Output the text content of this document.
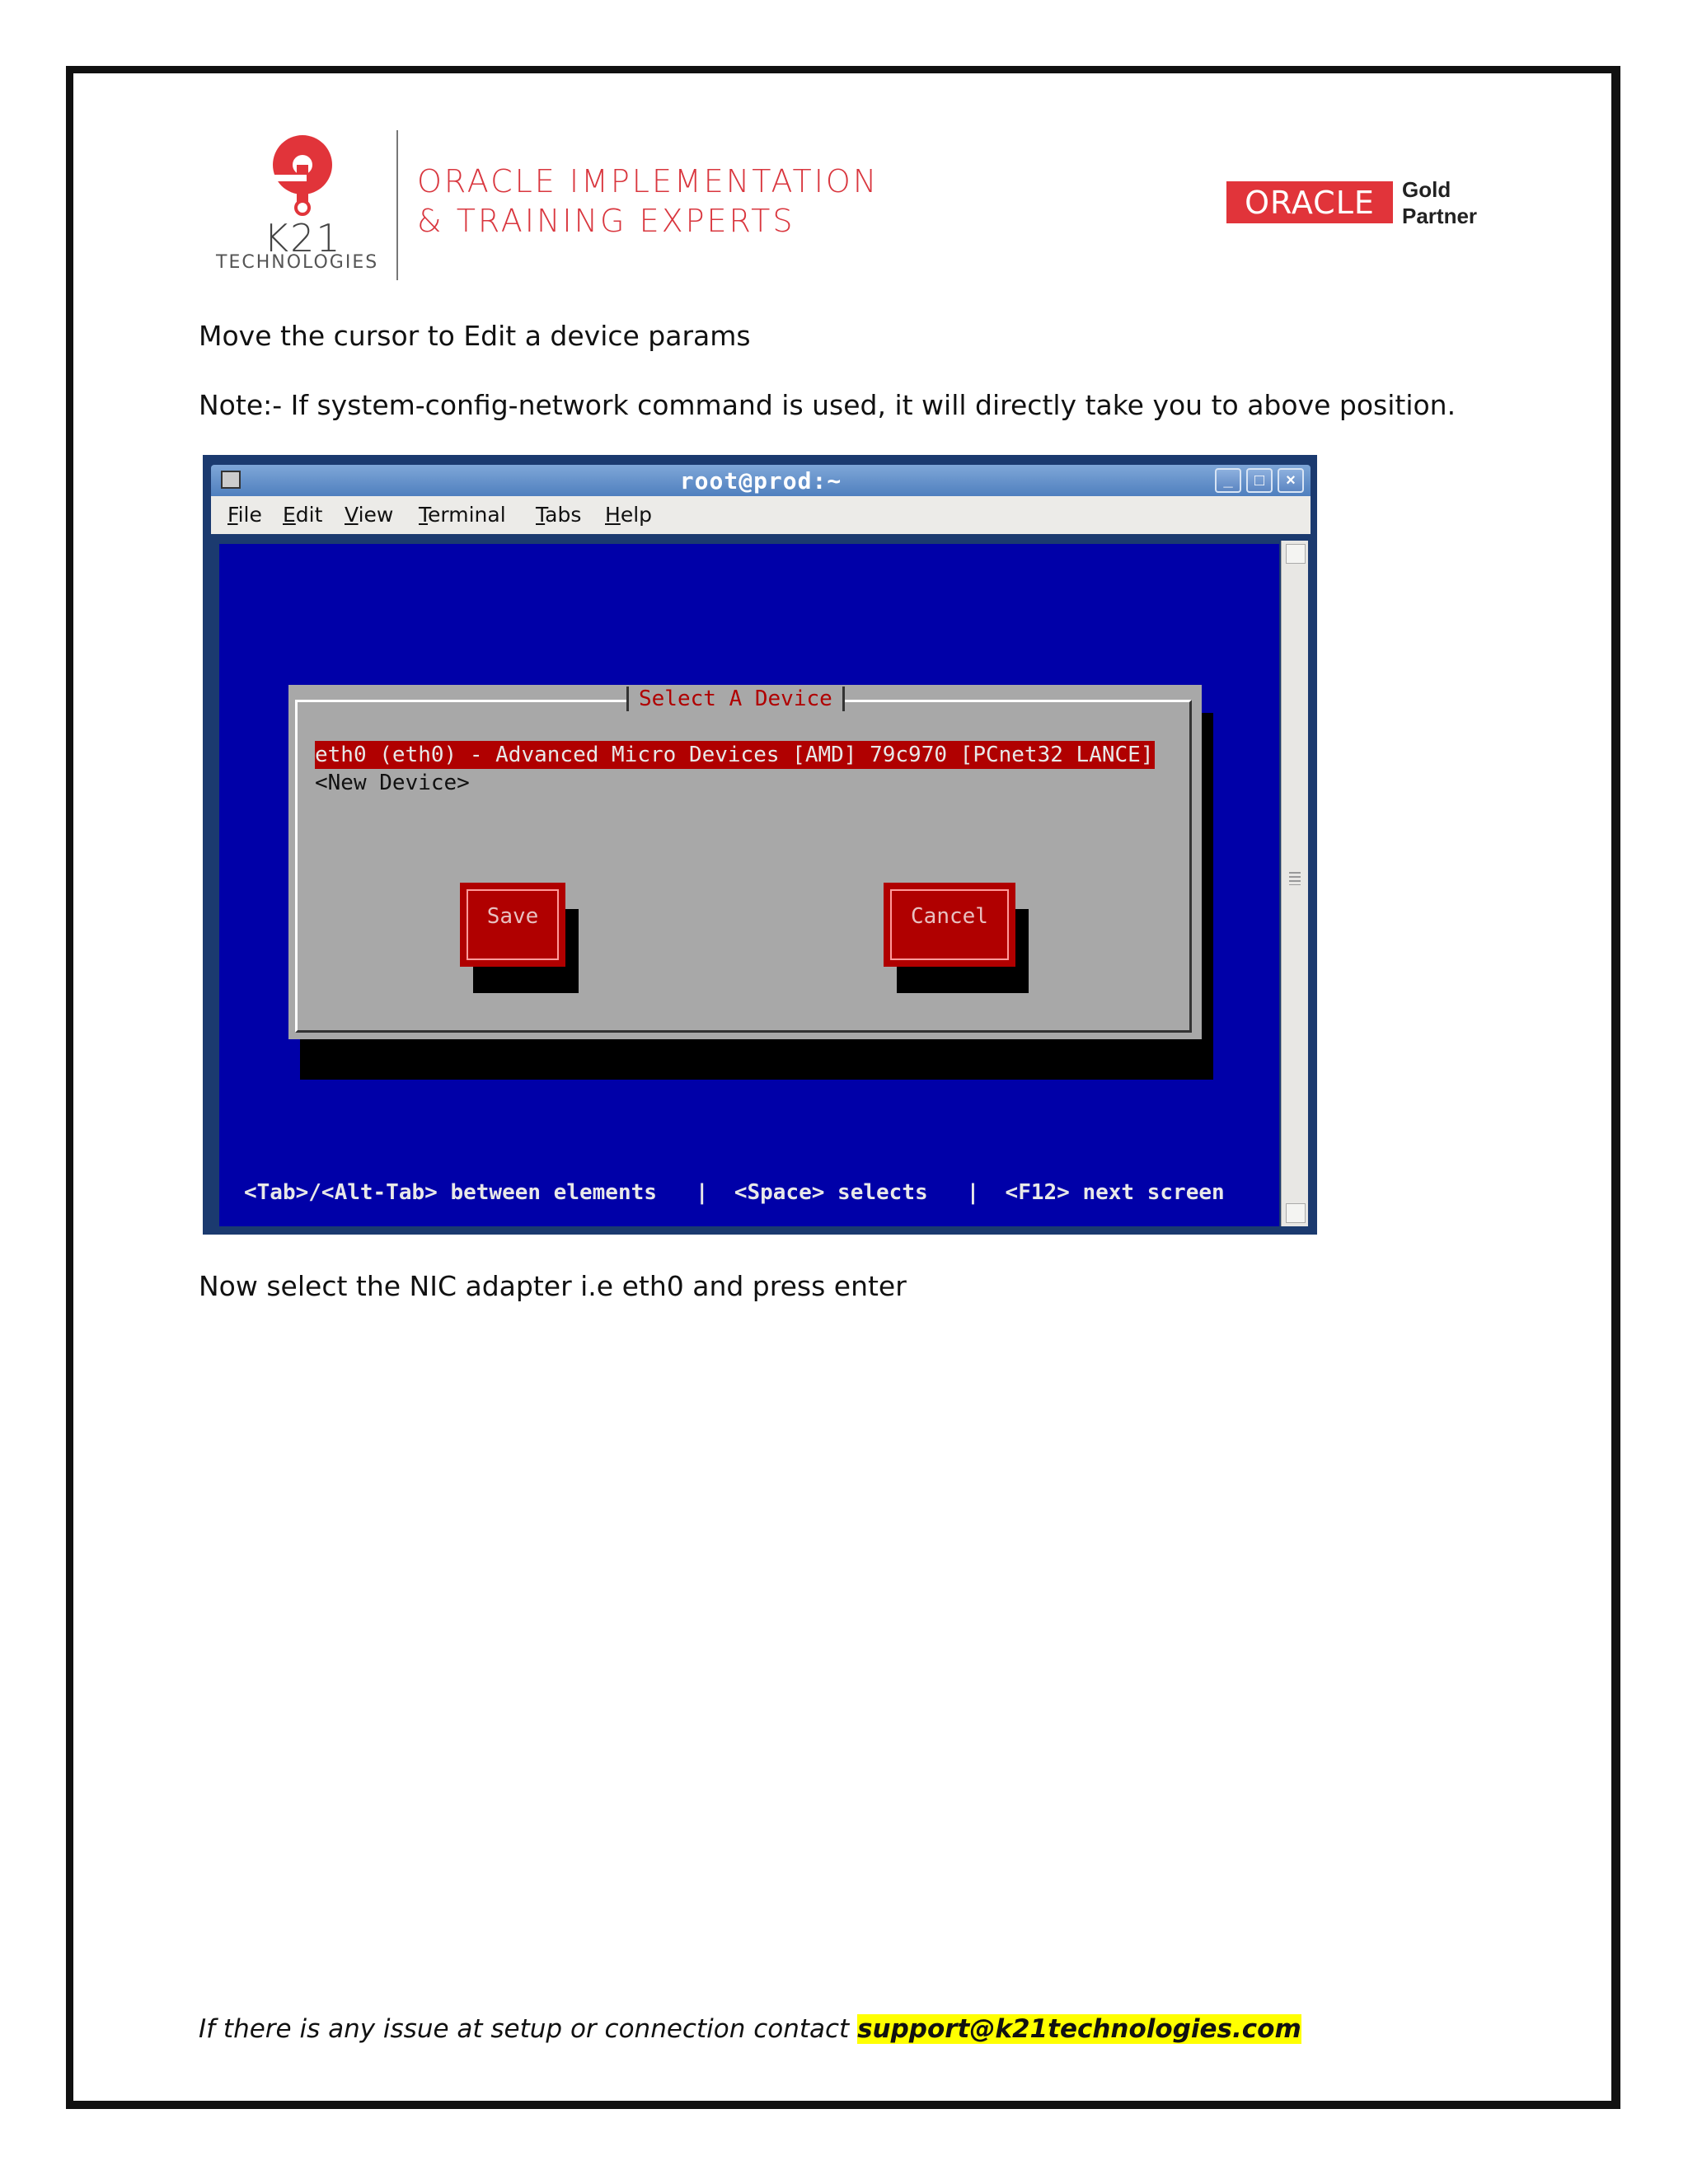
K21
TECHNOLOGIES
ORACLE IMPLEMENTATION
& TRAINING EXPERTS	ORACLE	Gold
Partner
Move the cursor to Edit a device params
Note:- If system-config-network command is used, it will directly take you to above position.
root@prod:~	_	□	×
File Edit View Terminal Tabs Help
Select A Device
eth0 (eth0) - Advanced Micro Devices [AMD] 79c970 [PCnet32 LANCE]
<New Device>
Save	Cancel
<Tab>/<Alt-Tab> between elements   |  <Space> selects   |  <F12> next screen
Now select the NIC adapter i.e eth0 and press enter
If there is any issue at setup or connection contact support@k21technologies.com
